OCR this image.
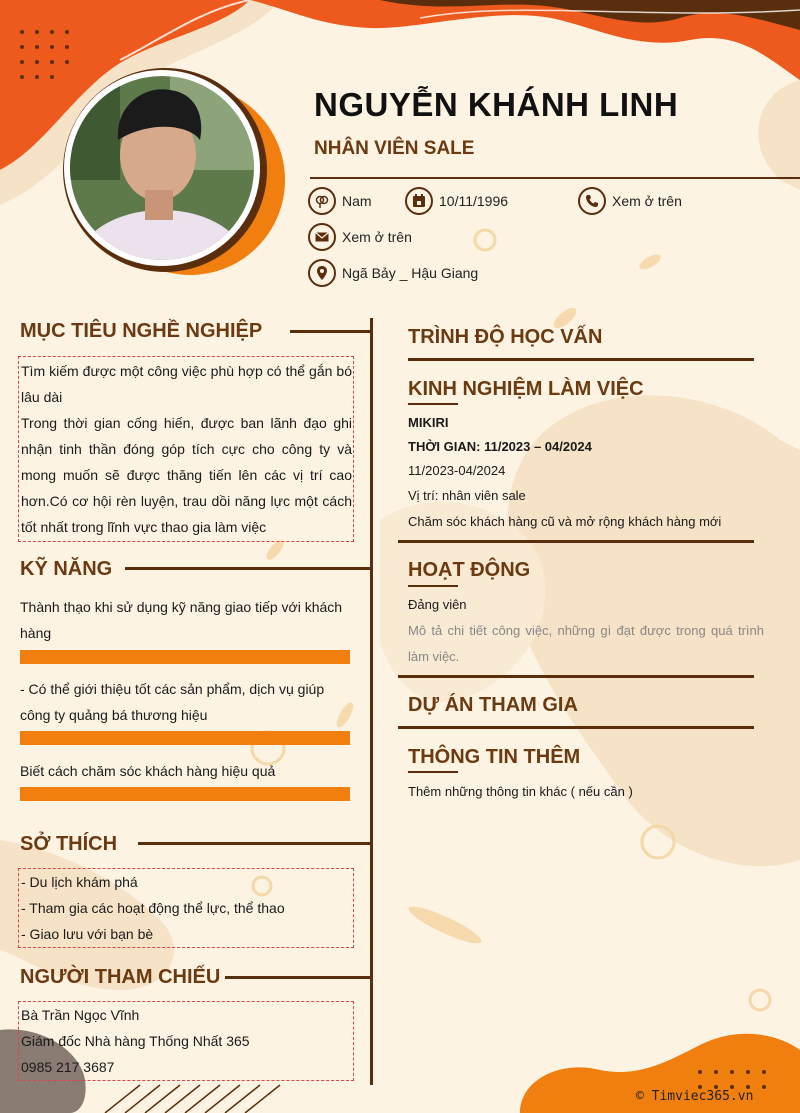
NGUYỄN KHÁNH LINH
NHÂN VIÊN SALE
Nam	10/11/1996	Xem ở trên
Xem ở trên
Ngã Bảy _ Hậu Giang
MỤC TIÊU NGHỀ NGHIỆP
Tìm kiếm được một công việc phù hợp có thể gắn bó lâu dài
Trong thời gian cống hiến, được ban lãnh đạo ghi nhận tinh thần đóng góp tích cực cho công ty và mong muốn sẽ được thăng tiến lên các vị trí cao hơn.Có cơ hội rèn luyện, trau dồi năng lực một cách tốt nhất trong lĩnh vực thao gia làm việc
KỸ NĂNG
Thành thạo khi sử dụng kỹ năng giao tiếp với khách hàng
- Có thể giới thiệu tốt các sản phẩm, dịch vụ giúp công ty quảng bá thương hiệu
Biết cách chăm sóc khách hàng hiệu quả
SỞ THÍCH
- Du lịch khám phá
- Tham gia các hoạt động thể lực, thể thao
- Giao lưu với bạn bè
NGƯỜI THAM CHIẾU
Bà Trần Ngọc Vĩnh
Giám đốc Nhà hàng Thống Nhất 365
0985 217 3687
TRÌNH ĐỘ HỌC VẤN
KINH NGHIỆM LÀM VIỆC
MIKIRI
THỜI GIAN: 11/2023 – 04/2024
11/2023-04/2024
Vị trí: nhân viên sale
Chăm sóc khách hàng cũ và mở rộng khách hàng mới
HOẠT ĐỘNG
Đảng viên
Mô tả chi tiết công việc, những gì đạt được trong quá trình làm việc.
DỰ ÁN THAM GIA
THÔNG TIN THÊM
Thêm những thông tin khác ( nếu cần )
© Timviec365.vn
